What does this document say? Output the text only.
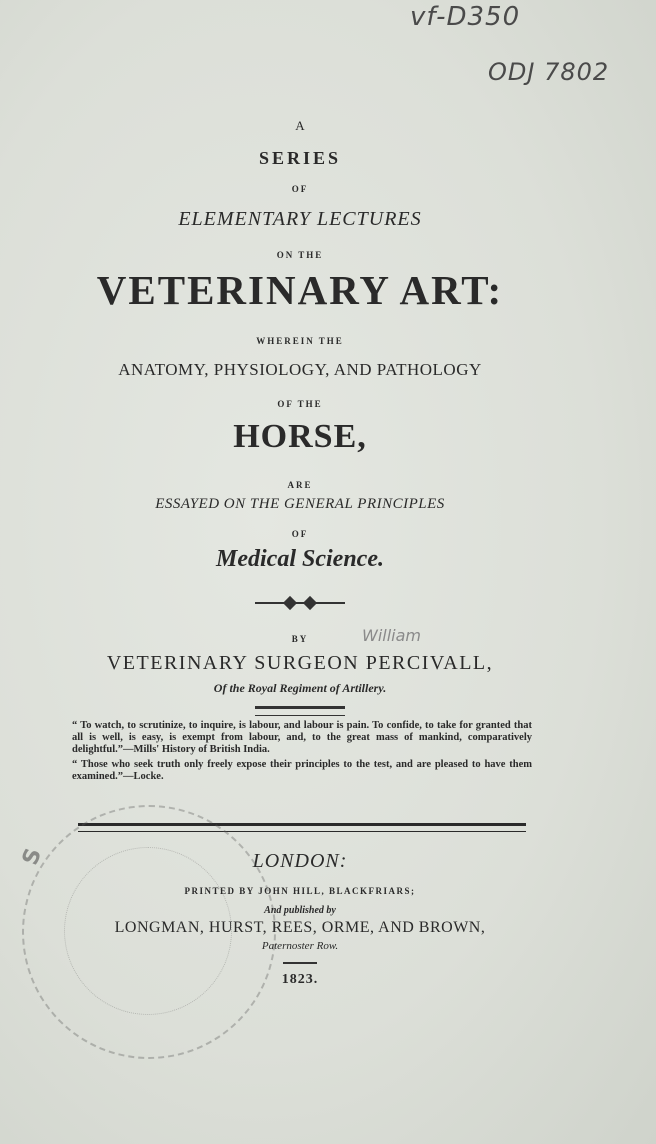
vf-D350
ODJ 7802
A
SERIES
OF
ELEMENTARY LECTURES
ON THE
VETERINARY ART:
WHEREIN THE
ANATOMY, PHYSIOLOGY, AND PATHOLOGY
OF THE
HORSE,
ARE
ESSAYED ON THE GENERAL PRINCIPLES
OF
Medical Science.
BY	William
VETERINARY SURGEON PERCIVALL,
Of the Royal Regiment of Artillery.

“ To watch, to scrutinize, to inquire, is labour, and labour is pain. To confide, to take for granted that all is well, is easy, is exempt from labour, and, to the great mass of mankind, comparatively delightful.”—Mills' History of British India.

“ Those who seek truth only freely expose their principles to the test, and are pleased to have them examined.”—Locke.

S	LONDON:
PRINTED BY JOHN HILL, BLACKFRIARS;
And published by
LONGMAN, HURST, REES, ORME, AND BROWN,
Paternoster Row.
1823.
